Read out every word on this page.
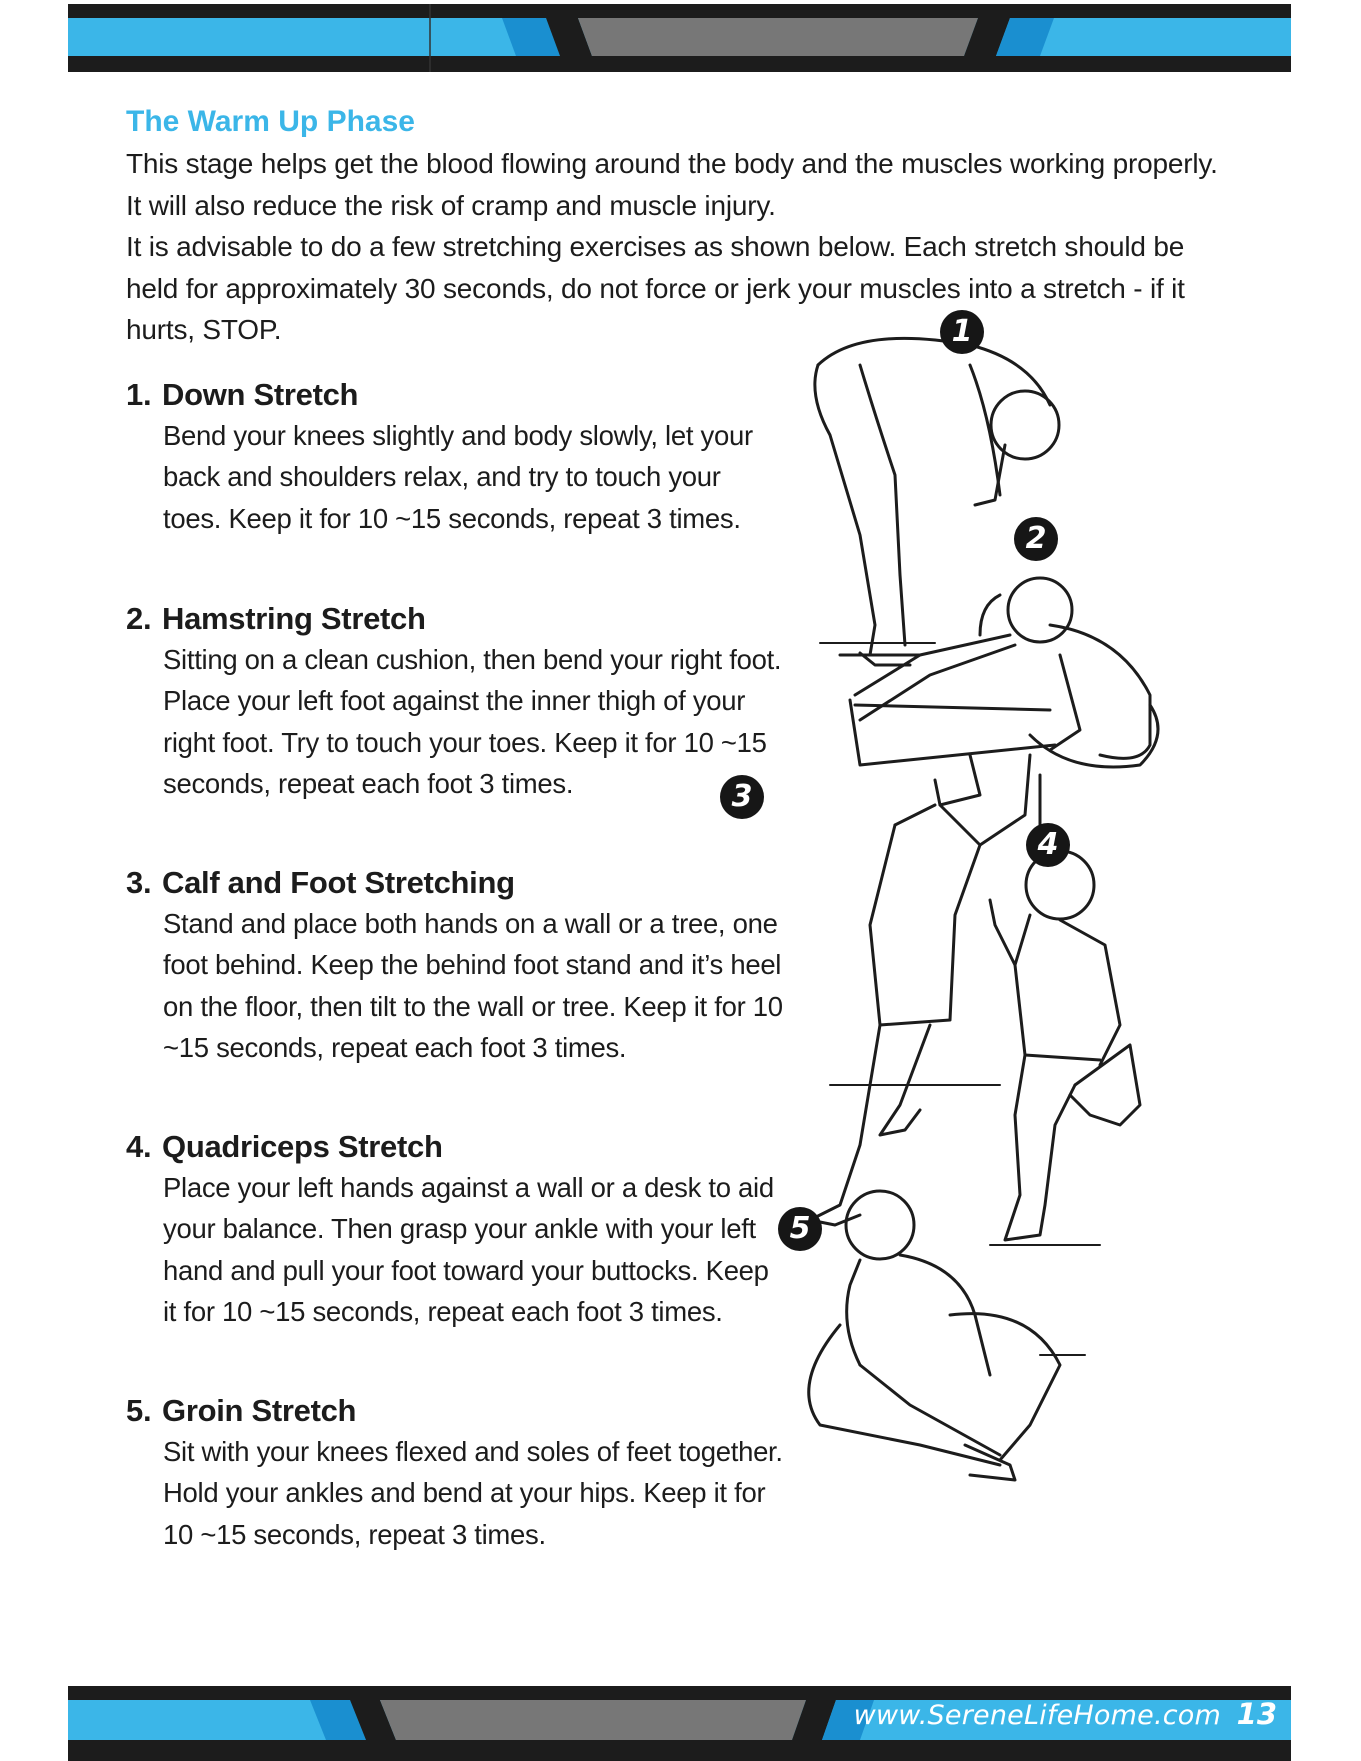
The Warm Up Phase

This stage helps get the blood flowing around the body and the muscles working properly. It will also reduce the risk of cramp and muscle injury.

It is advisable to do a few stretching exercises as shown below. Each stretch should be held for approximately 30 seconds, do not force or jerk your muscles into a stretch - if it hurts, STOP.

1. Down Stretch

Bend your knees slightly and body slowly, let your back and shoulders relax, and try to touch your toes. Keep it for 10 ~15 seconds, repeat 3 times.

2. Hamstring Stretch

Sitting on a clean cushion, then bend your right foot. Place your left foot against the inner thigh of your right foot. Try to touch your toes. Keep it for 10 ~15 seconds, repeat each foot 3 times.

3. Calf and Foot Stretching

Stand and place both hands on a wall or a tree, one foot behind. Keep the behind foot stand and it’s heel on the floor, then tilt to the wall or tree. Keep it for 10 ~15 seconds, repeat each foot 3 times.

4. Quadriceps Stretch

Place your left hands against a wall or a desk to aid your balance. Then grasp your ankle with your left hand and pull your foot toward your buttocks. Keep it for 10 ~15 seconds, repeat each foot 3 times.

5. Groin Stretch

Sit with your knees flexed and soles of feet together. Hold your ankles and bend at your hips. Keep it for 10 ~15 seconds, repeat 3 times.

1
2
3
4
5
www.SereneLifeHome.com 13
